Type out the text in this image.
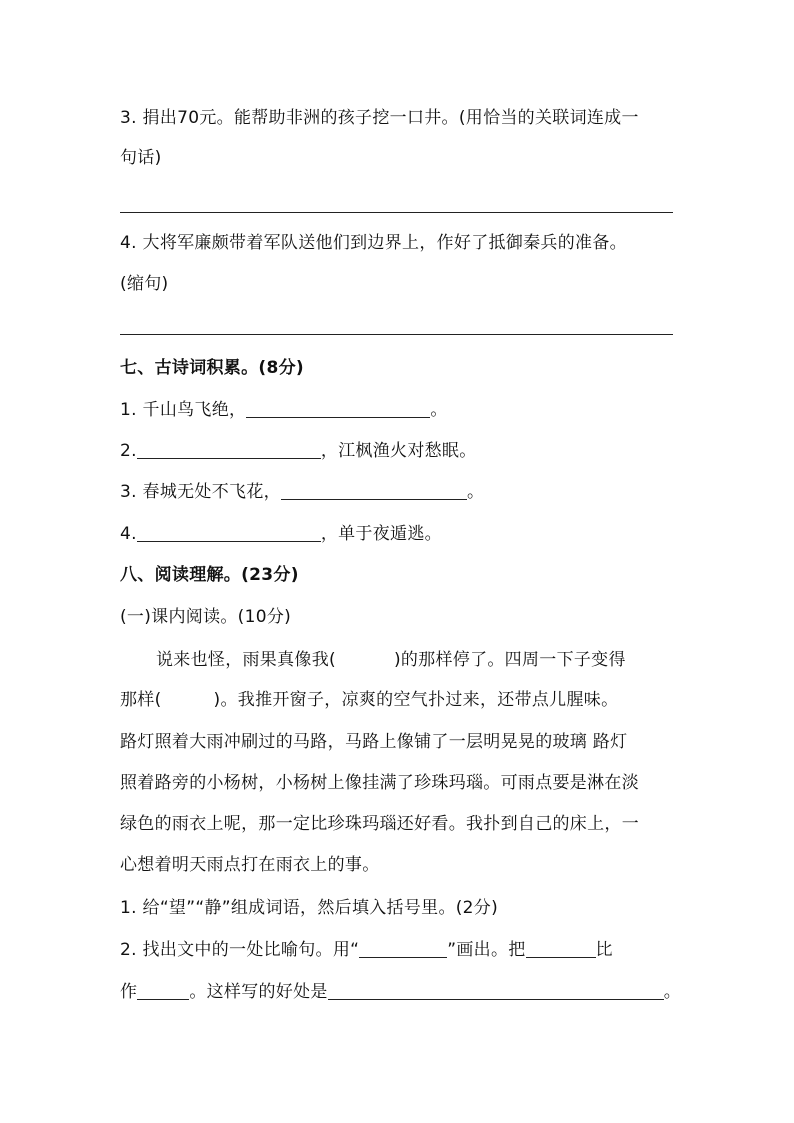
3. 捐出70元。能帮助非洲的孩子挖一口井。(用恰当的关联词连成一
句话)
4. 大将军廉颇带着军队送他们到边界上，作好了抵御秦兵的准备。
(缩句)
七、古诗词积累。(8分)
1. 千山鸟飞绝，	。
2.	，江枫渔火对愁眠。
3. 春城无处不飞花，	。
4.	，单于夜遁逃。
八、阅读理解。(23分)
(一)课内阅读。(10分)
说来也怪，雨果真像我(	)的那样停了。四周一下子变得
那样(	)。我推开窗子，凉爽的空气扑过来，还带点儿腥味。
路灯照着大雨冲刷过的马路，马路上像铺了一层明晃晃的玻璃 路灯
照着路旁的小杨树，小杨树上像挂满了珍珠玛瑙。可雨点要是淋在淡
绿色的雨衣上呢，那一定比珍珠玛瑙还好看。我扑到自己的床上，一
心想着明天雨点打在雨衣上的事。
1. 给“望”“静”组成词语，然后填入括号里。(2分)
2. 找出文中的一处比喻句。用“	”画出。把	比
作	。这样写的好处是	。
